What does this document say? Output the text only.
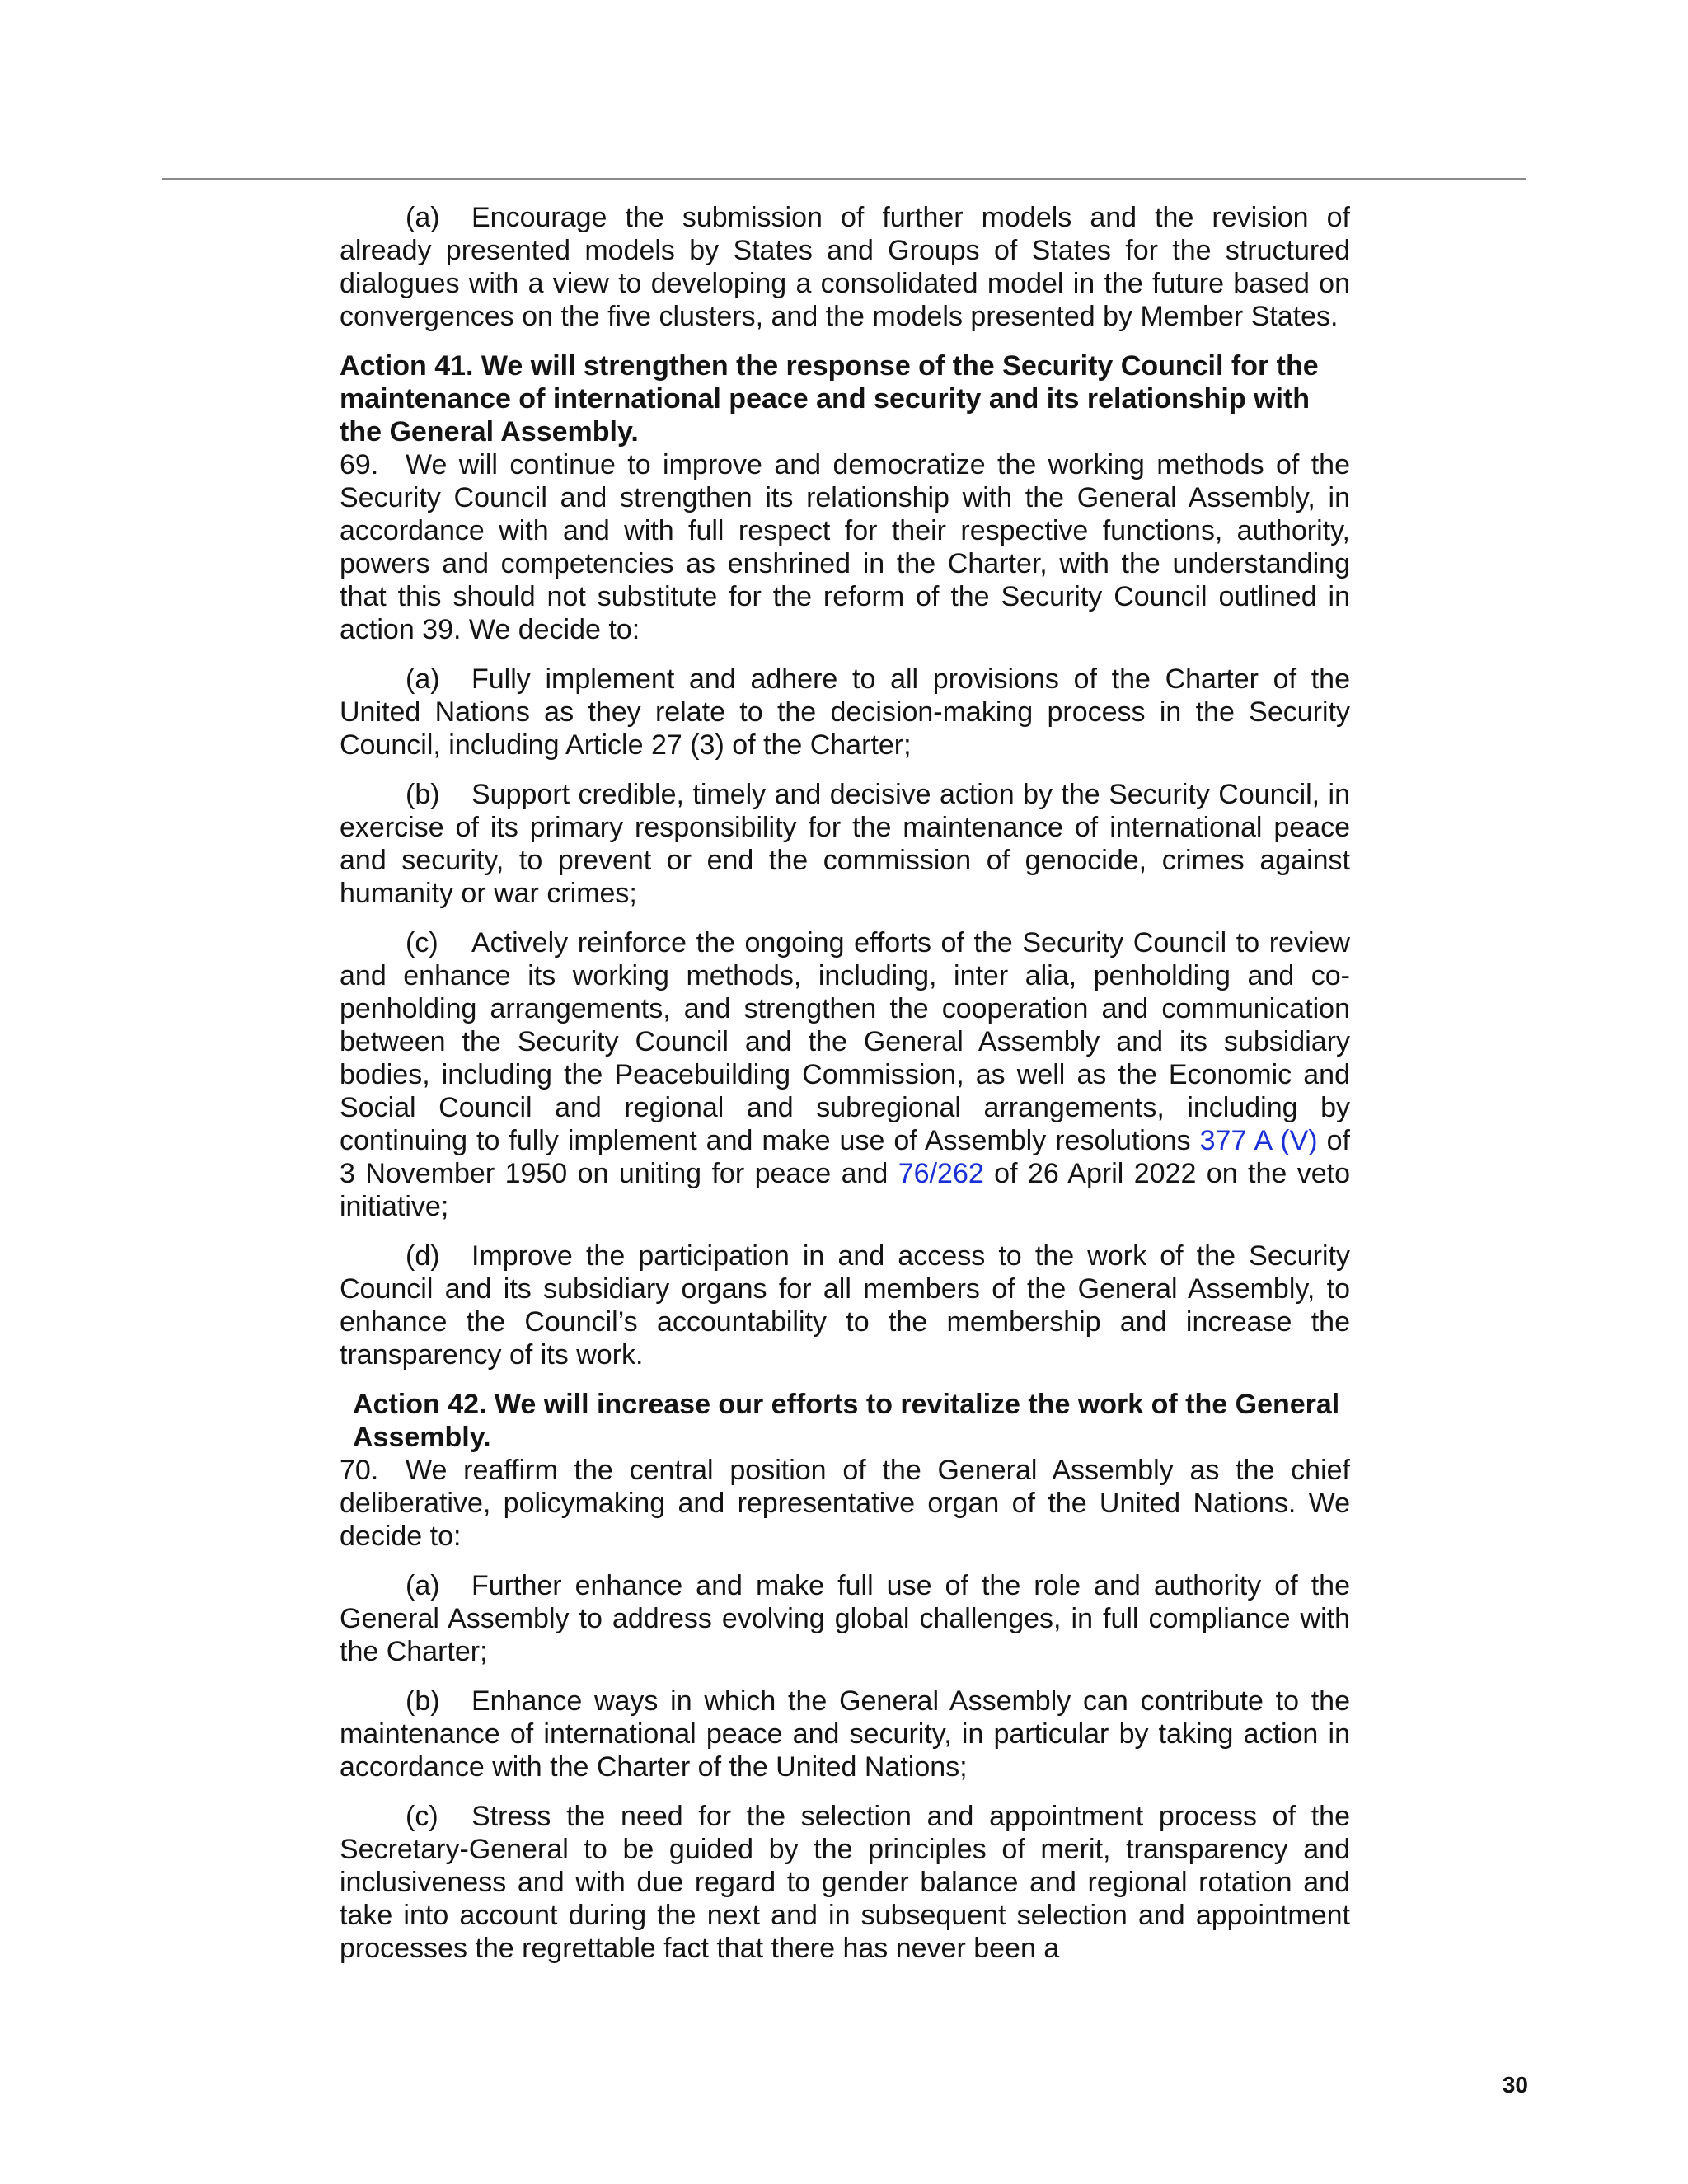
(a) Encourage the submission of further models and the revision of already presented models by States and Groups of States for the structured dialogues with a view to developing a consolidated model in the future based on convergences on the five clusters, and the models presented by Member States.

Action 41. We will strengthen the response of the Security Council for the maintenance of international peace and security and its relationship with the General Assembly.

69. We will continue to improve and democratize the working methods of the Security Council and strengthen its relationship with the General Assembly, in accordance with and with full respect for their respective functions, authority, powers and competencies as enshrined in the Charter, with the understanding that this should not substitute for the reform of the Security Council outlined in action 39. We decide to:

(a) Fully implement and adhere to all provisions of the Charter of the United Nations as they relate to the decision-making process in the Security Council, including Article 27 (3) of the Charter;

(b) Support credible, timely and decisive action by the Security Council, in exercise of its primary responsibility for the maintenance of international peace and security, to prevent or end the commission of genocide, crimes against humanity or war crimes;

(c) Actively reinforce the ongoing efforts of the Security Council to review and enhance its working methods, including, inter alia, penholding and co-penholding arrangements, and strengthen the cooperation and communication between the Security Council and the General Assembly and its subsidiary bodies, including the Peacebuilding Commission, as well as the Economic and Social Council and regional and subregional arrangements, including by continuing to fully implement and make use of Assembly resolutions 377 A (V) of 3 November 1950 on uniting for peace and 76/262 of 26 April 2022 on the veto initiative;

(d) Improve the participation in and access to the work of the Security Council and its subsidiary organs for all members of the General Assembly, to enhance the Council’s accountability to the membership and increase the transparency of its work.

Action 42. We will increase our efforts to revitalize the work of the General Assembly.

70. We reaffirm the central position of the General Assembly as the chief deliberative, policymaking and representative organ of the United Nations. We decide to:

(a) Further enhance and make full use of the role and authority of the General Assembly to address evolving global challenges, in full compliance with the Charter;

(b) Enhance ways in which the General Assembly can contribute to the maintenance of international peace and security, in particular by taking action in accordance with the Charter of the United Nations;

(c) Stress the need for the selection and appointment process of the Secretary-General to be guided by the principles of merit, transparency and inclusiveness and with due regard to gender balance and regional rotation and take into account during the next and in subsequent selection and appointment processes the regrettable fact that there has never been a

30
